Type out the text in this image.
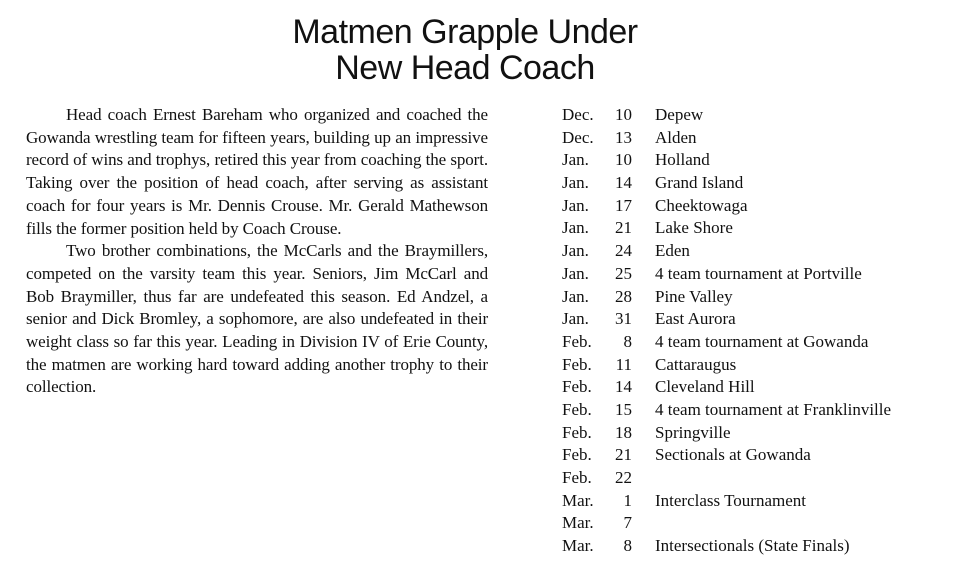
Matmen Grapple Under
New Head Coach

Head coach Ernest Bareham who organized and coached the Gowanda wrestling team for fifteen years, building up an impressive record of wins and trophys, retired this year from coaching the sport. Taking over the position of head coach, after serving as assistant coach for four years is Mr. Dennis Crouse. Mr. Gerald Mathewson fills the former position held by Coach Crouse.

Two brother combinations, the McCarls and the Braymillers, competed on the varsity team this year. Seniors, Jim McCarl and Bob Braymiller, thus far are undefeated this season. Ed Andzel, a senior and Dick Bromley, a sophomore, are also undefeated in their weight class so far this year. Leading in Division IV of Erie County, the matmen are working hard toward adding another trophy to their collection.

Dec.	10 Depew
Dec.	13 Alden
Jan.	10 Holland
Jan.	14 Grand Island
Jan.	17 Cheektowaga
Jan.	21 Lake Shore
Jan.	24 Eden
Jan.	25 4 team tournament at Portville
Jan.	28 Pine Valley
Jan.	31 East Aurora
Feb.	8 4 team tournament at Gowanda
Feb.	11 Cattaraugus
Feb.	14 Cleveland Hill
Feb.	15 4 team tournament at Franklinville
Feb.	18 Springville
Feb.	21 Sectionals at Gowanda
Feb.	22
Mar.	1 Interclass Tournament
Mar.	7
Mar.	8 Intersectionals (State Finals)
